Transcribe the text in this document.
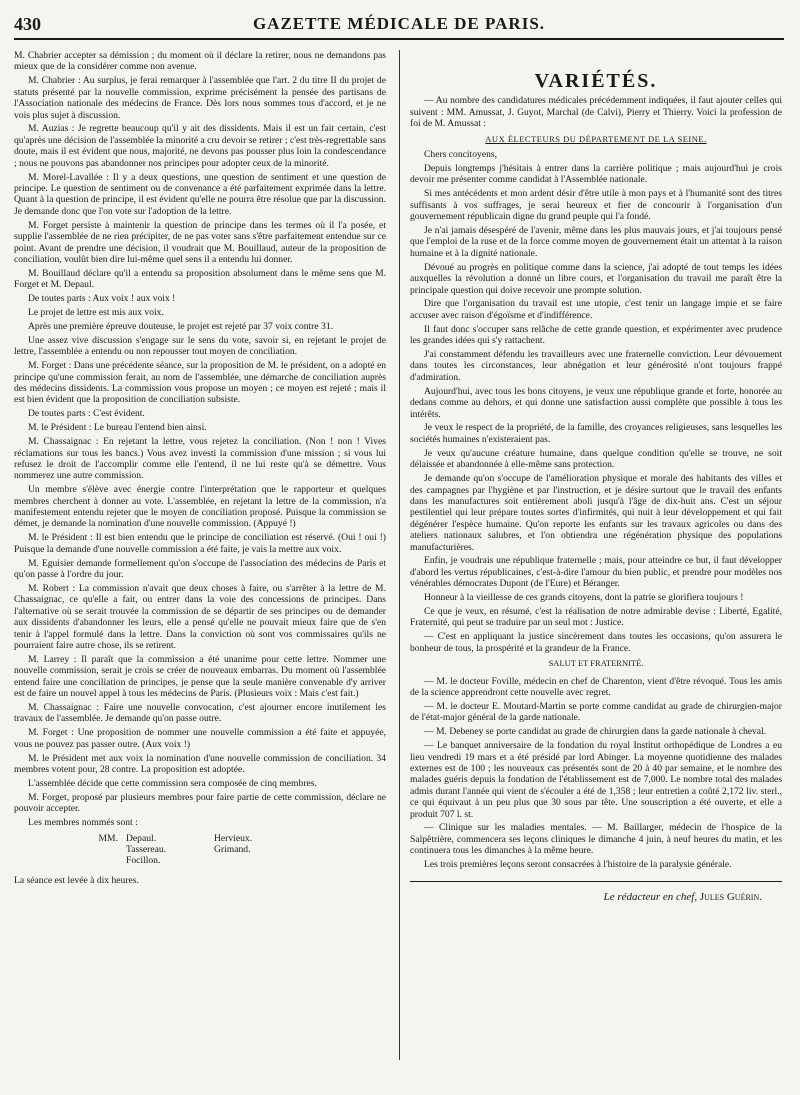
430	GAZETTE MÉDICALE DE PARIS.

M. Chabrier accepter sa démission ; du moment où il déclare la retirer, nous ne demandons pas mieux que de la considérer comme non avenue.

M. Chabrier : Au surplus, je ferai remarquer à l'assemblée que l'art. 2 du titre II du projet de statuts présenté par la nouvelle commission, exprime précisément la pensée des partisans de l'Association nationale des médecins de France. Dès lors nous sommes tous d'accord, et je ne vois plus sujet à discussion.

M. Auzias : Je regrette beaucoup qu'il y ait des dissidents. Mais il est un fait certain, c'est qu'après une décision de l'assemblée la minorité a cru devoir se retirer ; c'est très-regrettable sans doute, mais il est évident que nous, majorité, ne devons pas pousser plus loin la condescendance ; nous ne pouvons pas abandonner nos principes pour adopter ceux de la minorité.

M. Morel-Lavallée : Il y a deux questions, une question de sentiment et une question de principe. Le question de sentiment ou de convenance a été parfaitement exprimée dans la lettre. Quant à la question de principe, il est évident qu'elle ne pourra être résolue que par la discussion. Je demande donc que l'on vote sur l'adoption de la lettre.

M. Forget persiste à maintenir la question de principe dans les termes où il l'a posée, et supplie l'assemblée de ne rien précipiter, de ne pas voter sans s'être parfaitement entendue sur ce point. Avant de prendre une décision, il voudrait que M. Bouillaud, auteur de la proposition de conciliation, voulût bien dire lui-même quel sens il a entendu lui donner.

M. Bouillaud déclare qu'il a entendu sa proposition absolument dans le même sens que M. Forget et M. Depaul.

De toutes parts : Aux voix ! aux voix !

Le projet de lettre est mis aux voix.

Après une première épreuve douteuse, le projet est rejeté par 37 voix contre 31.

Une assez vive discussion s'engage sur le sens du vote, savoir si, en rejetant le projet de lettre, l'assemblée a entendu ou non repousser tout moyen de conciliation.

M. Forget : Dans une précédente séance, sur la proposition de M. le président, on a adopté en principe qu'une commission ferait, au nom de l'assemblée, une démarche de conciliation auprès des médecins dissidents. La commission vous propose un moyen ; ce moyen est rejeté ; mais il est bien évident que la proposition de conciliation subsiste.

De toutes parts : C'est évident.

M. le Président : Le bureau l'entend bien ainsi.

M. Chassaignac : En rejetant la lettre, vous rejetez la conciliation. (Non ! non ! Vives réclamations sur tous les bancs.) Vous avez investi la commission d'une mission ; si vous lui refusez le droit de l'accomplir comme elle l'entend, il ne lui reste qu'à se démettre. Vous nommerez une autre commission.

Un membre s'élève avec énergie contre l'interprétation que le rapporteur et quelques membres cherchent à donner au vote. L'assemblée, en rejetant la lettre de la commission, n'a manifestement entendu rejeter que le moyen de conciliation proposé. Puisque la commission se démet, je demande la nomination d'une nouvelle commission. (Appuyé !)

M. le Président : Il est bien entendu que le principe de conciliation est réservé. (Oui ! oui !) Puisque la demande d'une nouvelle commission a été faite, je vais la mettre aux voix.

M. Eguisier demande formellement qu'on s'occupe de l'association des médecins de Paris et qu'on passe à l'ordre du jour.

M. Robert : La commission n'avait que deux choses à faire, ou s'arrêter à la lettre de M. Chassaignac, ce qu'elle a fait, ou entrer dans la voie des concessions de principes. Dans l'alternative où se serait trouvée la commission de se départir de ses principes ou de demander aux dissidents d'abandonner les leurs, elle a pensé qu'elle ne pouvait mieux faire que de s'en tenir à l'appel formulé dans la lettre. Dans la conviction où sont vos commissaires qu'ils ne pourraient faire autre chose, ils se retirent.

M. Larrey : Il paraît que la commission a été unanime pour cette lettre. Nommer une nouvelle commission, serait je crois se créer de nouveaux embarras. Du moment où l'assemblée entend faire une conciliation de principes, je pense que la seule manière convenable d'y arriver est de faire un nouvel appel à tous les médecins de Paris. (Plusieurs voix : Mais c'est fait.)

M. Chassaignac : Faire une nouvelle convocation, c'est ajourner encore inutilement les travaux de l'assemblée. Je demande qu'on passe outre.

M. Forget : Une proposition de nommer une nouvelle commission a été faite et appuyée, vous ne pouvez pas passer outre. (Aux voix !)

M. le Président met aux voix la nomination d'une nouvelle commission de conciliation. 34 membres votent pour, 28 contre. La proposition est adoptée.

L'assemblée décide que cette commission sera composée de cinq membres.

M. Forget, proposé par plusieurs membres pour faire partie de cette commission, déclare ne pouvoir accepter.

Les membres nommés sont :

MM. Depaul.	Hervieux.
Tassereau.	Grimand.
Focillon.

La séance est levée à dix heures.

VARIÉTÉS.

— Au nombre des candidatures médicales précédemment indiquées, il faut ajouter celles qui suivent : MM. Amussat, J. Guyot, Marchal (de Calvi), Pierry et Thierry. Voici la profession de foi de M. Amussat :

AUX ÉLECTEURS DU DÉPARTEMENT DE LA SEINE.

Chers concitoyens,

Depuis longtemps j'hésitais à entrer dans la carrière politique ; mais aujourd'hui je crois devoir me présenter comme candidat à l'Assemblée nationale.

Si mes antécédents et mon ardent désir d'être utile à mon pays et à l'humanité sont des titres suffisants à vos suffrages, je serai heureux et fier de concourir à l'organisation d'un gouvernement républicain digne du grand peuple qui l'a fondé.

Je n'ai jamais désespéré de l'avenir, même dans les plus mauvais jours, et j'ai toujours pensé que l'emploi de la ruse et de la force comme moyen de gouvernement était un attentat à la raison humaine et à la dignité nationale.

Dévoué au progrès en politique comme dans la science, j'ai adopté de tout temps les idées auxquelles la révolution a donné un libre cours, et l'organisation du travail me paraît être la principale question qui doive recevoir une prompte solution.

Dire que l'organisation du travail est une utopie, c'est tenir un langage impie et se faire accuser avec raison d'égoïsme et d'indifférence.

Il faut donc s'occuper sans relâche de cette grande question, et expérimenter avec prudence les grandes idées qui s'y rattachent.

J'ai constamment défendu les travailleurs avec une fraternelle conviction. Leur dévouement dans toutes les circonstances, leur abnégation et leur générosité n'ont toujours frappé d'admiration.

Aujourd'hui, avec tous les bons citoyens, je veux une république grande et forte, honorée au dedans comme au dehors, et qui donne une satisfaction aussi complète que possible à tous les intérêts.

Je veux le respect de la propriété, de la famille, des croyances religieuses, sans lesquelles les sociétés humaines n'existeraient pas.

Je veux qu'aucune créature humaine, dans quelque condition qu'elle se trouve, ne soit délaissée et abandonnée à elle-même sans protection.

Je demande qu'on s'occupe de l'amélioration physique et morale des habitants des villes et des campagnes par l'hygiène et par l'instruction, et je désire surtout que le travail des enfants dans les manufactures soit entièrement aboli jusqu'à l'âge de dix-huit ans. C'est un séjour pestilentiel qui leur prépare toutes sortes d'infirmités, qui nuit à leur développement et qui fait dégénérer l'espèce humaine. Qu'on reporte les enfants sur les travaux agricoles ou dans des ateliers nationaux salubres, et l'on obtiendra une régénération physique des populations manufacturières.

Enfin, je voudrais une république fraternelle ; mais, pour atteindre ce but, il faut développer d'abord les vertus républicaines, c'est-à-dire l'amour du bien public, et prendre pour modèles nos vénérables démocrates Dupont (de l'Eure) et Béranger.

Honneur à la vieillesse de ces grands citoyens, dont la patrie se glorifiera toujours !

Ce que je veux, en résumé, c'est la réalisation de notre admirable devise : Liberté, Egalité, Fraternité, qui peut se traduire par un seul mot : Justice.

— C'est en appliquant la justice sincèrement dans toutes les occasions, qu'on assurera le bonheur de tous, la prospérité et la grandeur de la France.

SALUT ET FRATERNITÉ.

— M. le docteur Foville, médecin en chef de Charenton, vient d'être révoqué. Tous les amis de la science apprendront cette nouvelle avec regret.

— M. le docteur E. Moutard-Martin se porte comme candidat au grade de chirurgien-major de l'état-major général de la garde nationale.

— M. Debeney se porte candidat au grade de chirurgien dans la garde nationale à cheval.

— Le banquet anniversaire de la fondation du royal Institut orthopédique de Londres a eu lieu vendredi 19 mars et a été présidé par lord Abinger. La moyenne quotidienne des malades externes est de 100 ; les nouveaux cas présentés sont de 20 à 40 par semaine, et le nombre des malades guéris depuis la fondation de l'établissement est de 7,000. Le nombre total des malades admis durant l'année qui vient de s'écouler a été de 1,358 ; leur entretien a coûté 2,172 liv. sterl., ce qui équivaut à un peu plus que 30 sous par tête. Une souscription a été ouverte, et elle a produit 707 l. st.

— Clinique sur les maladies mentales. — M. Baillarger, médecin de l'hospice de la Salpêtrière, commencera ses leçons cliniques le dimanche 4 juin, à neuf heures du matin, et les continuera tous les dimanches à la même heure.

Les trois premières leçons seront consacrées à l'histoire de la paralysie générale.

Le rédacteur en chef, Jules Guérin.
